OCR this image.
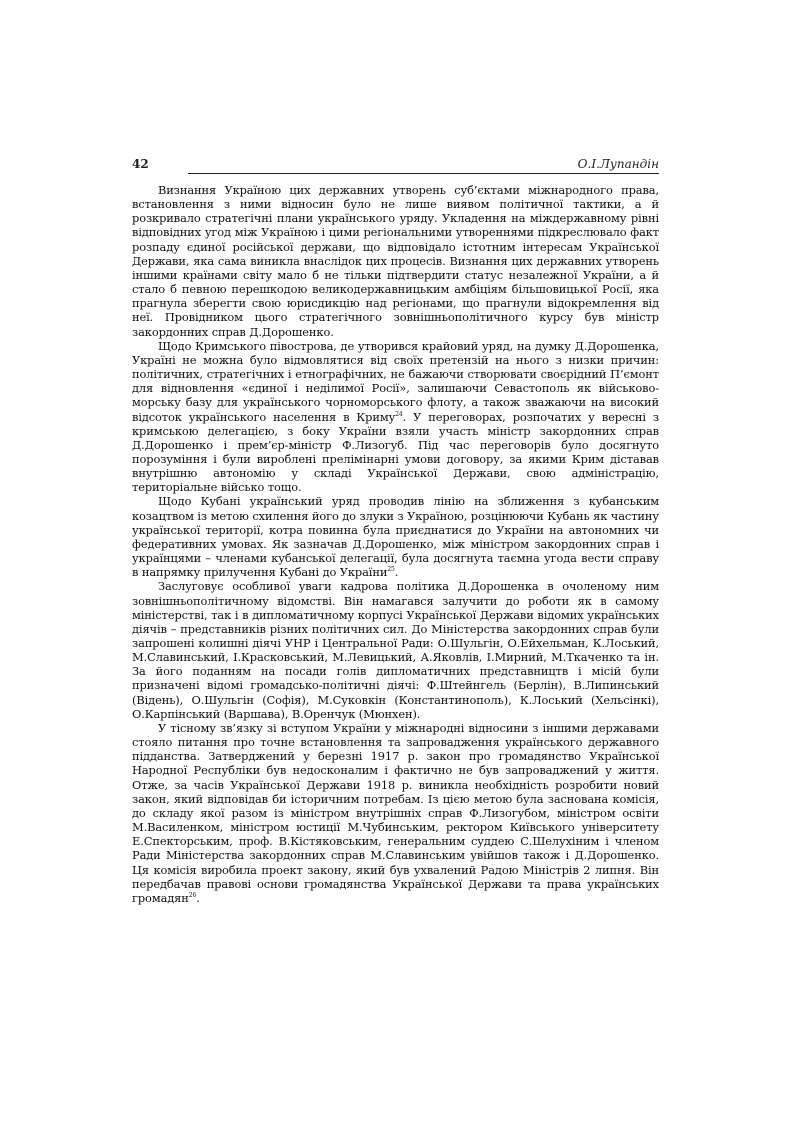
42	О.І.Лупандін

Визнання Україною цих державних утворень суб’єктами міжнародного права, встановлення з ними відносин було не лише виявом політичної тактики, а й розкривало стратегічні плани українського уряду. Укладення на міждержавному рівні відповідних угод між Україною і цими регіональними утвореннями підкреслювало факт розпаду єдиної російської держави, що відповідало істотним інтересам Української Держави, яка сама виникла внаслідок цих процесів. Визнання цих державних утворень іншими країнами світу мало б не тільки підтвердити статус незалежної України, а й стало б певною перешкодою великодержавницьким амбіціям більшовицької Росії, яка прагнула зберегти свою юрисдикцію над регіонами, що прагнули відокремлення від неї. Провідником цього стратегічного зовнішньополітичного курсу був міністр закордонних справ Д.Дорошенко.

Щодо Кримського півострова, де утворився крайовий уряд, на думку Д.Дорошенка, Україні не можна було відмовлятися від своїх претензій на нього з низки причин: політичних, стратегічних і етнографічних, не бажаючи створювати своєрідний П’ємонт для відновлення «єдиної і неділимої Росії», залишаючи Севастополь як військово-морську базу для українського чорноморського флоту, а також зважаючи на високий відсоток українського населення в Криму$^{24}$. У переговорах, розпочатих у вересні з кримською делегацією, з боку України взяли участь міністр закордонних справ Д.Дорошенко і прем’єр-міністр Ф.Лизогуб. Під час переговорів було досягнуто порозуміння і були вироблені прелімінарні умови договору, за якими Крим діставав внутрішню автономію у складі Української Держави, свою адміністрацію, територіальне військо тощо.

Щодо Кубані український уряд проводив лінію на зближення з кубанським козацтвом із метою схилення його до злуки з Україною, розцінюючи Кубань як частину української території, котра повинна була приєднатися до України на автономних чи федеративних умовах. Як зазначав Д.Дорошенко, між міністром закордонних справ і українцями – членами кубанської делегації, була досягнута таємна угода вести справу в напрямку прилучення Кубані до України$^{25}$.

Заслуговує особливої уваги кадрова політика Д.Дорошенка в очоленому ним зовнішньополітичному відомстві. Він намагався залучити до роботи як в самому міністерстві, так і в дипломатичному корпусі Української Держави відомих українських діячів – представників різних політичних сил. До Міністерства закордонних справ були запрошені колишні діячі УНР і Центральної Ради: О.Шульгін, О.Ейхельман, К.Лоський, М.Славинський, І.Красковський, М.Левицький, А.Яковлів, І.Мирний, М.Ткаченко та ін. За його поданням на посади голів дипломатичних представництв і місій були призначені відомі громадсько-політичні діячі: Ф.Штейнгель (Берлін), В.Липинський (Відень), О.Шульгін (Софія), М.Суковкін (Константинополь), К.Лоський (Хельсінкі), О.Карпінський (Варшава), В.Оренчук (Мюнхен).

У тісному зв’язку зі вступом України у міжнародні відносини з іншими державами стояло питання про точне встановлення та запровадження українського державного підданства. Затверджений у березні 1917 р. закон про громадянство Української Народної Республіки був недосконалим і фактично не був запроваджений у життя. Отже, за часів Української Держави 1918 р. виникла необхідність розробити новий закон, який відповідав би історичним потребам. Із цією метою була заснована комісія, до складу якої разом із міністром внутрішніх справ Ф.Лизогубом, міністром освіти М.Василенком, міністром юстиції М.Чубинським, ректором Київського університету Е.Спекторським, проф. В.Кістяковським, генеральним суддею С.Шелухіним і членом Ради Міністерства закордонних справ М.Славинським увійшов також і Д.Дорошенко. Ця комісія виробила проект закону, який був ухвалений Радою Міністрів 2 липня. Він передбачав правові основи громадянства Української Держави та права українських громадян$^{26}$.
